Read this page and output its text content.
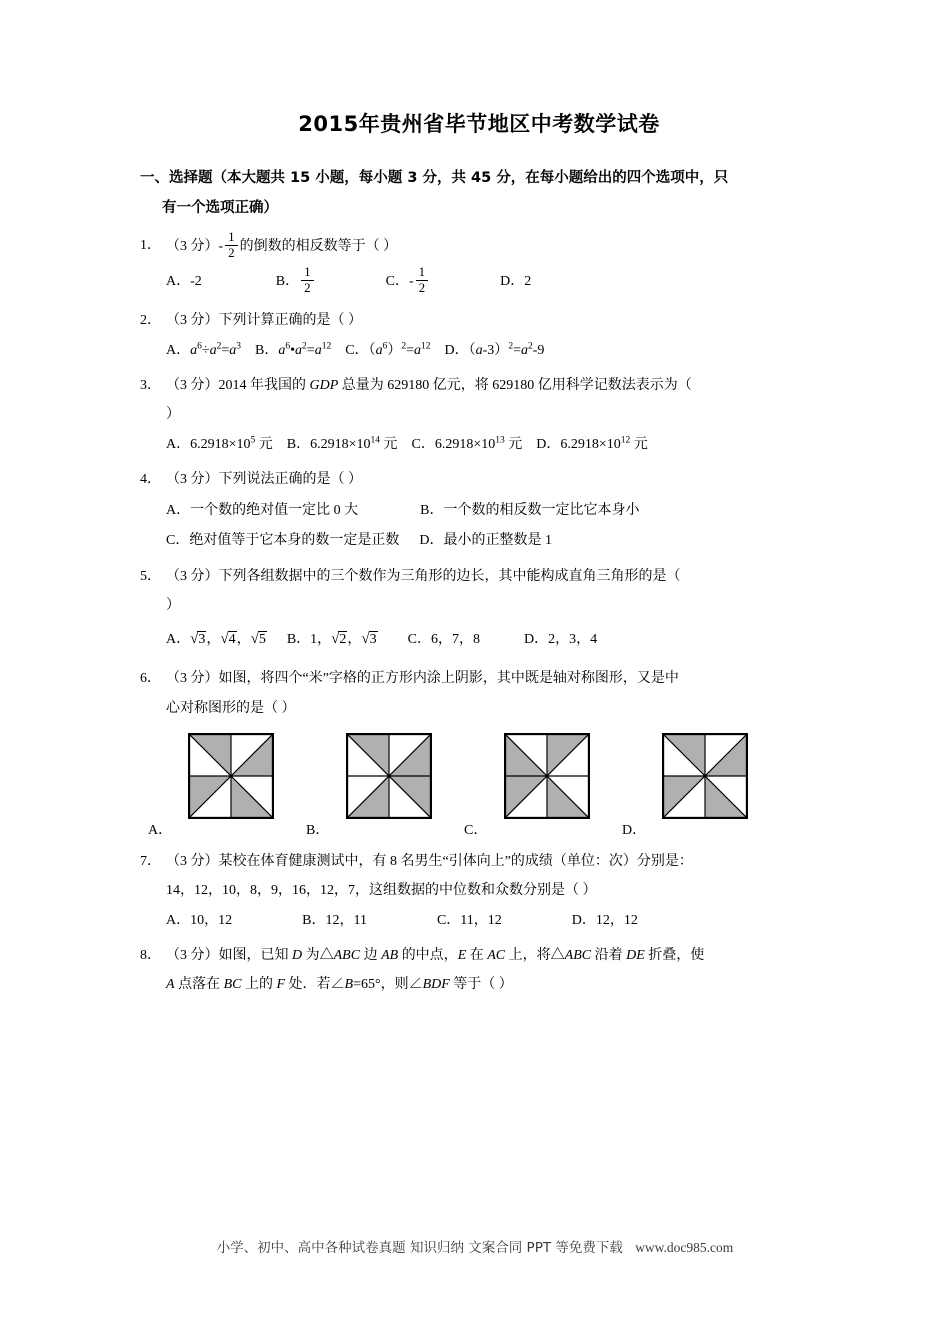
2015年贵州省毕节地区中考数学试卷
一、选择题（本大题共 15 小题，每小题 3 分，共 45 分，在每小题给出的四个选项中，只
有一个选项正确）
1． （3 分）- $\frac{1}{2}$ 的倒数的相反数等于（ ）
A．-2	B． $\frac{1}{2}$	C．- $\frac{1}{2}$	D．2
2． （3 分）下列计算正确的是（ ）
A．$a^6\div a^2=a^3$ B．$a^6•a^2=a^{12}$ C．$(a^6)^2=a^{12}$ D．$(a-3)^2=a^2-9$
3． （3 分）2014 年我国的 GDP 总量为 629180 亿元，将 629180 亿用科学记数法表示为（
）
A．$6.2918\times 10^5$ 元 B．$6.2918\times 10^{14}$ 元 C．$6.2918\times 10^{13}$ 元 D．$6.2918\times 10^{12}$ 元
4． （3 分）下列说法正确的是（ ）
A．一个数的绝对值一定比 0 大	B．一个数的相反数一定比它本身小
C．绝对值等于它本身的数一定是正数 D．最小的正整数是 1
5． （3 分）下列各组数据中的三个数作为三角形的边长，其中能构成直角三角形的是（
）
A．√3，√4，√5 B．1，√2，√3 C．6，7，8	D．2，3，4
6． （3 分）如图，将四个“米”字格的正方形内涂上阴影，其中既是轴对称图形，又是中
心对称图形的是（ ）
A．	B．	C．	D．
7． （3 分）某校在体育健康测试中，有 8 名男生“引体向上”的成绩（单位：次）分别是：
14，12，10，8，9，16，12，7，这组数据的中位数和众数分别是（ ）
A．10，12	B．12，11	C．11，12	D．12，12
8． （3 分）如图，已知 D 为△ABC 边 AB 的中点，E 在 AC 上，将△ABC 沿着 DE 折叠，使
A 点落在 BC 上的 F 处．若∠B=65°，则∠BDF 等于（ ）
小学、初中、高中各种试卷真题 知识归纳 文案合同 PPT 等免费下载 www.doc985.com
